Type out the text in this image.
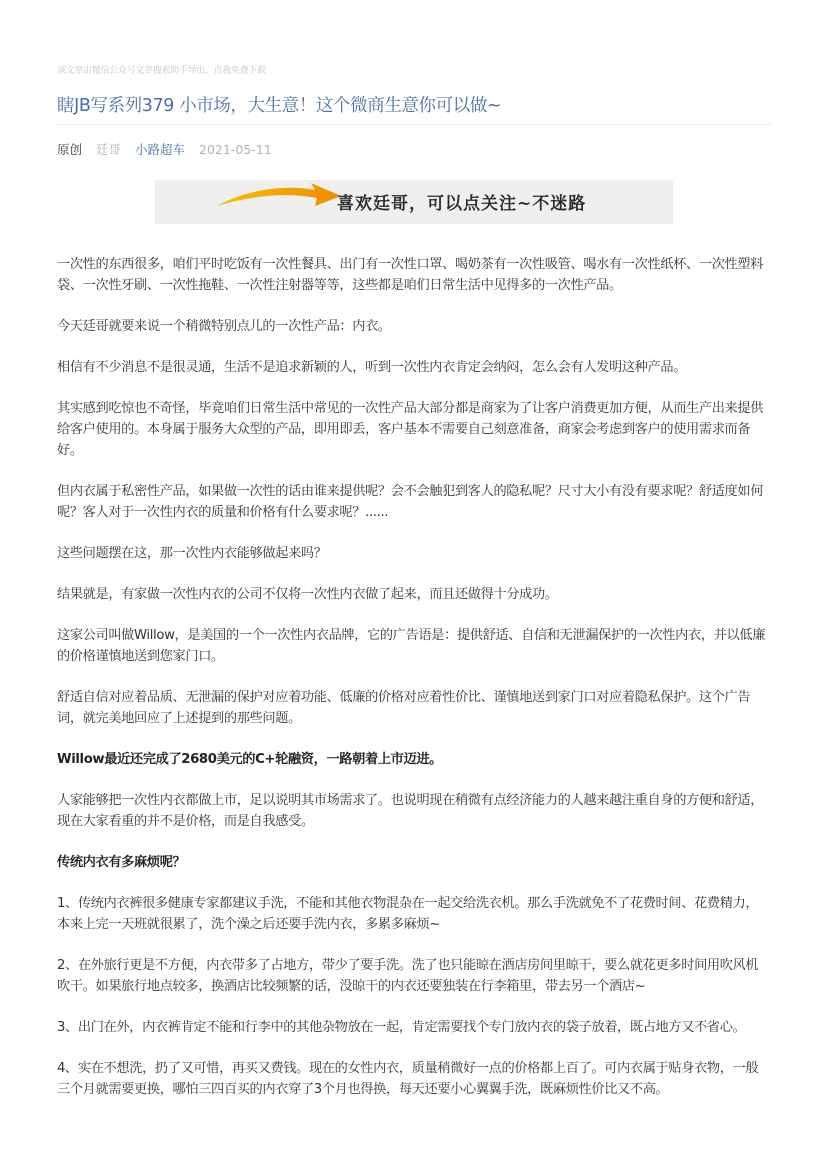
该文章由微信公众号文章搜索助手导出，点我免费下载
瞎JB写系列379 小市场，大生意！这个微商生意你可以做~
原创 廷哥 小路超车 2021-05-11
喜欢廷哥，可以点关注~不迷路

一次性的东西很多，咱们平时吃饭有一次性餐具、出门有一次性口罩、喝奶茶有一次性吸管、喝水有一次性纸杯、一次性塑料袋、一次性牙刷、一次性拖鞋、一次性注射器等等，这些都是咱们日常生活中见得多的一次性产品。

今天廷哥就要来说一个稍微特别点儿的一次性产品：内衣。

相信有不少消息不是很灵通，生活不是追求新颖的人，听到一次性内衣肯定会纳闷，怎么会有人发明这种产品。

其实感到吃惊也不奇怪，毕竟咱们日常生活中常见的一次性产品大部分都是商家为了让客户消费更加方便，从而生产出来提供给客户使用的。本身属于服务大众型的产品，即用即丢，客户基本不需要自己刻意准备，商家会考虑到客户的使用需求而备好。

但内衣属于私密性产品，如果做一次性的话由谁来提供呢？会不会触犯到客人的隐私呢？尺寸大小有没有要求呢？舒适度如何呢？客人对于一次性内衣的质量和价格有什么要求呢？......

这些问题摆在这，那一次性内衣能够做起来吗？

结果就是，有家做一次性内衣的公司不仅将一次性内衣做了起来，而且还做得十分成功。

这家公司叫做Willow，是美国的一个一次性内衣品牌，它的广告语是：提供舒适、自信和无泄漏保护的一次性内衣，并以低廉的价格谨慎地送到您家门口。

舒适自信对应着品质、无泄漏的保护对应着功能、低廉的价格对应着性价比、谨慎地送到家门口对应着隐私保护。这个广告词，就完美地回应了上述提到的那些问题。

Willow最近还完成了2680美元的C+轮融资，一路朝着上市迈进。

人家能够把一次性内衣都做上市，足以说明其市场需求了。也说明现在稍微有点经济能力的人越来越注重自身的方便和舒适，现在大家看重的并不是价格，而是自我感受。

传统内衣有多麻烦呢？

1、传统内衣裤很多健康专家都建议手洗，不能和其他衣物混杂在一起交给洗衣机。那么手洗就免不了花费时间、花费精力，本来上完一天班就很累了，洗个澡之后还要手洗内衣，多累多麻烦~

2、在外旅行更是不方便，内衣带多了占地方，带少了要手洗。洗了也只能晾在酒店房间里晾干，要么就花更多时间用吹风机吹干。如果旅行地点较多，换酒店比较频繁的话，没晾干的内衣还要独装在行李箱里，带去另一个酒店~

3、出门在外，内衣裤肯定不能和行李中的其他杂物放在一起，肯定需要找个专门放内衣的袋子放着，既占地方又不省心。

4、实在不想洗，扔了又可惜，再买又费钱。现在的女性内衣，质量稍微好一点的价格都上百了。可内衣属于贴身衣物，一般三个月就需要更换，哪怕三四百买的内衣穿了3个月也得换，每天还要小心翼翼手洗，既麻烦性价比又不高。
